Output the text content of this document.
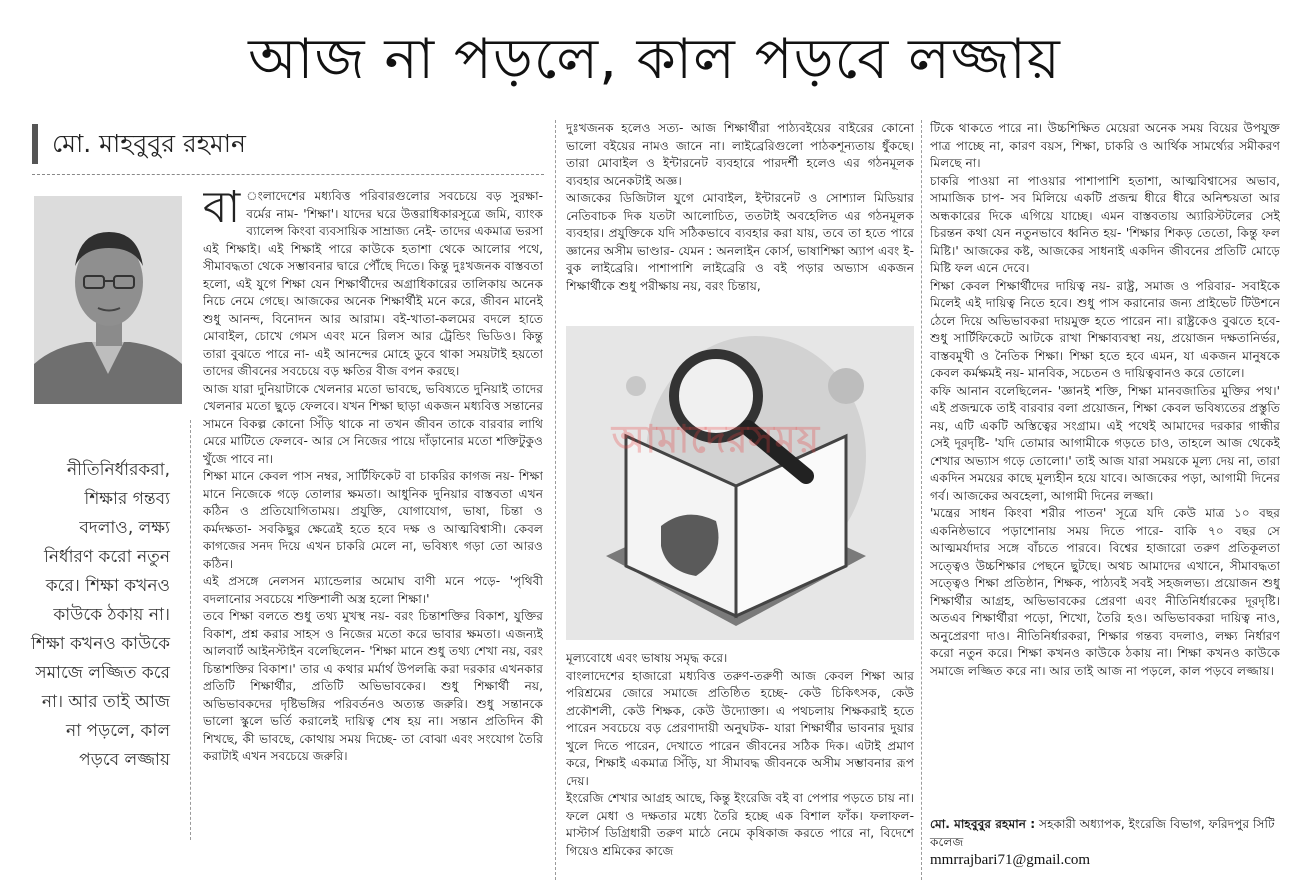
আজ না পড়লে, কাল পড়বে লজ্জায়
মো. মাহবুবুর রহমান
নীতিনির্ধারকরা, শিক্ষার গন্তব্য বদলাও, লক্ষ্য নির্ধারণ করো নতুন করে। শিক্ষা কখনও কাউকে ঠকায় না। শিক্ষা কখনও কাউকে সমাজে লজ্জিত করে না। আর তাই আজ না পড়লে, কাল পড়বে লজ্জায়

বা ংলাদেশের মধ্যবিত্ত পরিবারগুলোর সবচেয়ে বড় সুরক্ষা-বর্মের নাম- 'শিক্ষা'। যাদের ঘরে উত্তরাধিকারসূত্রে জমি, ব্যাংক ব্যালেন্স কিংবা ব্যবসায়িক সাম্রাজ্য নেই- তাদের একমাত্র ভরসা এই শিক্ষাই। এই শিক্ষাই পারে কাউকে হতাশা থেকে আলোর পথে, সীমাবদ্ধতা থেকে সম্ভাবনার দ্বারে পৌঁছে দিতে। কিন্তু দুঃখজনক বাস্তবতা হলো, এই যুগে শিক্ষা যেন শিক্ষার্থীদের অগ্রাধিকারের তালিকায় অনেক নিচে নেমে গেছে। আজকের অনেক শিক্ষার্থীই মনে করে, জীবন মানেই শুধু আনন্দ, বিনোদন আর আরাম। বই-খাতা-কলমের বদলে হাতে মোবাইল, চোখে গেমস এবং মনে রিলস আর ট্রেন্ডিং ভিডিও। কিন্তু তারা বুঝতে পারে না- এই আনন্দের মোহে ডুবে থাকা সময়টাই হয়তো তাদের জীবনের সবচেয়ে বড় ক্ষতির বীজ বপন করছে।

আজ যারা দুনিয়াটাকে খেলনার মতো ভাবছে, ভবিষ্যতে দুনিয়াই তাদের খেলনার মতো ছুড়ে ফেলবে। যখন শিক্ষা ছাড়া একজন মধ্যবিত্ত সন্তানের সামনে বিকল্প কোনো সিঁড়ি থাকে না তখন জীবন তাকে বারবার লাথি মেরে মাটিতে ফেলবে- আর সে নিজের পায়ে দাঁড়ানোর মতো শক্তিটুকুও খুঁজে পাবে না।

শিক্ষা মানে কেবল পাস নম্বর, সার্টিফিকেট বা চাকরির কাগজ নয়- শিক্ষা মানে নিজেকে গড়ে তোলার ক্ষমতা। আধুনিক দুনিয়ার বাস্তবতা এখন কঠিন ও প্রতিযোগিতাময়। প্রযুক্তি, যোগাযোগ, ভাষা, চিন্তা ও কর্মদক্ষতা- সবকিছুর ক্ষেত্রেই হতে হবে দক্ষ ও আত্মবিশ্বাসী। কেবল কাগজের সনদ দিয়ে এখন চাকরি মেলে না, ভবিষ্যৎ গড়া তো আরও কঠিন।

এই প্রসঙ্গে নেলসন ম্যান্ডেলার অমোঘ বাণী মনে পড়ে- 'পৃথিবী বদলানোর সবচেয়ে শক্তিশালী অস্ত্র হলো শিক্ষা।'

তবে শিক্ষা বলতে শুধু তথ্য মুখস্থ নয়- বরং চিন্তাশক্তির বিকাশ, যুক্তির বিকাশ, প্রশ্ন করার সাহস ও নিজের মতো করে ভাবার ক্ষমতা। এজন্যই আলবার্ট আইনস্টাইন বলেছিলেন- 'শিক্ষা মানে শুধু তথ্য শেখা নয়, বরং চিন্তাশক্তির বিকাশ।' তার এ কথার মর্মার্থ উপলব্ধি করা দরকার এখনকার প্রতিটি শিক্ষার্থীর, প্রতিটি অভিভাবকের। শুধু শিক্ষার্থী নয়, অভিভাবকদের দৃষ্টিভঙ্গির পরিবর্তনও অত্যন্ত জরুরি। শুধু সন্তানকে ভালো স্কুলে ভর্তি করালেই দায়িত্ব শেষ হয় না। সন্তান প্রতিদিন কী শিখছে, কী ভাবছে, কোথায় সময় দিচ্ছে- তা বোঝা এবং সংযোগ তৈরি করাটাই এখন সবচেয়ে জরুরি।

দুঃখজনক হলেও সত্য- আজ শিক্ষার্থীরা পাঠ্যবইয়ের বাইরের কোনো ভালো বইয়ের নামও জানে না। লাইব্রেরিগুলো পাঠকশূন্যতায় ধুঁকছে। তারা মোবাইল ও ইন্টারনেট ব্যবহারে পারদর্শী হলেও এর গঠনমূলক ব্যবহার অনেকটাই অজ্ঞ।

আজকের ডিজিটাল যুগে মোবাইল, ইন্টারনেট ও সোশ্যাল মিডিয়ার নেতিবাচক দিক যতটা আলোচিত, ততটাই অবহেলিত এর গঠনমূলক ব্যবহার। প্রযুক্তিকে যদি সঠিকভাবে ব্যবহার করা যায়, তবে তা হতে পারে জ্ঞানের অসীম ভাণ্ডার- যেমন : অনলাইন কোর্স, ভাষাশিক্ষা অ্যাপ এবং ই-বুক লাইব্রেরি। পাশাপাশি লাইব্রেরি ও বই পড়ার অভ্যাস একজন শিক্ষার্থীকে শুধু পরীক্ষায় নয়, বরং চিন্তায়,

আমাদেরসময়

মূল্যবোধে এবং ভাষায় সমৃদ্ধ করে।

বাংলাদেশের হাজারো মধ্যবিত্ত তরুণ-তরুণী আজ কেবল শিক্ষা আর পরিশ্রমের জোরে সমাজে প্রতিষ্ঠিত হচ্ছে- কেউ চিকিৎসক, কেউ প্রকৌশলী, কেউ শিক্ষক, কেউ উদ্যোক্তা। এ পথচলায় শিক্ষকরাই হতে পারেন সবচেয়ে বড় প্রেরণাদায়ী অনুঘটক- যারা শিক্ষার্থীর ভাবনার দুয়ার খুলে দিতে পারেন, দেখাতে পারেন জীবনের সঠিক দিক। এটাই প্রমাণ করে, শিক্ষাই একমাত্র সিঁড়ি, যা সীমাবদ্ধ জীবনকে অসীম সম্ভাবনার রূপ দেয়।

ইংরেজি শেখার আগ্রহ আছে, কিন্তু ইংরেজি বই বা পেপার পড়তে চায় না। ফলে মেধা ও দক্ষতার মধ্যে তৈরি হচ্ছে এক বিশাল ফাঁক। ফলাফল- মাস্টার্স ডিগ্রিধারী তরুণ মাঠে নেমে কৃষিকাজ করতে পারে না, বিদেশে গিয়েও শ্রমিকের কাজে

টিকে থাকতে পারে না। উচ্চশিক্ষিত মেয়েরা অনেক সময় বিয়ের উপযুক্ত পাত্র পাচ্ছে না, কারণ বয়স, শিক্ষা, চাকরি ও আর্থিক সামর্থ্যের সমীকরণ মিলছে না।

চাকরি পাওয়া না পাওয়ার পাশাপাশি হতাশা, আত্মবিশ্বাসের অভাব, সামাজিক চাপ- সব মিলিয়ে একটি প্রজন্ম ধীরে ধীরে অনিশ্চয়তা আর অন্ধকারের দিকে এগিয়ে যাচ্ছে। এমন বাস্তবতায় অ্যারিস্টটলের সেই চিরন্তন কথা যেন নতুনভাবে ধ্বনিত হয়- 'শিক্ষার শিকড় তেতো, কিন্তু ফল মিষ্টি।' আজকের কষ্ট, আজকের সাধনাই একদিন জীবনের প্রতিটি মোড়ে মিষ্টি ফল এনে দেবে।

শিক্ষা কেবল শিক্ষার্থীদের দায়িত্ব নয়- রাষ্ট্র, সমাজ ও পরিবার- সবাইকে মিলেই এই দায়িত্ব নিতে হবে। শুধু পাস করানোর জন্য প্রাইভেট টিউশনে ঠেলে দিয়ে অভিভাবকরা দায়মুক্ত হতে পারেন না। রাষ্ট্রকেও বুঝতে হবে- শুধু সার্টিফিকেটে আটকে রাখা শিক্ষাব্যবস্থা নয়, প্রয়োজন দক্ষতানির্ভর, বাস্তবমুখী ও নৈতিক শিক্ষা। শিক্ষা হতে হবে এমন, যা একজন মানুষকে কেবল কর্মক্ষমই নয়- মানবিক, সচেতন ও দায়িত্ববানও করে তোলে।

কফি আনান বলেছিলেন- 'জ্ঞানই শক্তি, শিক্ষা মানবজাতির মুক্তির পথ।' এই প্রজন্মকে তাই বারবার বলা প্রয়োজন, শিক্ষা কেবল ভবিষ্যতের প্রস্তুতি নয়, এটি একটি অস্তিত্বের সংগ্রাম। এই পথেই আমাদের দরকার গান্ধীর সেই দূরদৃষ্টি- 'যদি তোমার আগামীকে গড়তে চাও, তাহলে আজ থেকেই শেখার অভ্যাস গড়ে তোলো।' তাই আজ যারা সময়কে মূল্য দেয় না, তারা একদিন সময়ের কাছে মূল্যহীন হয়ে যাবে। আজকের পড়া, আগামী দিনের গর্ব। আজকের অবহেলা, আগামী দিনের লজ্জা।

'মন্ত্রের সাধন কিংবা শরীর পাতন' সূত্রে যদি কেউ মাত্র ১০ বছর একনিষ্ঠভাবে পড়াশোনায় সময় দিতে পারে- বাকি ৭০ বছর সে আত্মমর্যাদার সঙ্গে বাঁচতে পারবে। বিশ্বের হাজারো তরুণ প্রতিকূলতা সত্ত্বেও উচ্চশিক্ষার পেছনে ছুটছে। অথচ আমাদের এখানে, সীমাবদ্ধতা সত্ত্বেও শিক্ষা প্রতিষ্ঠান, শিক্ষক, পাঠ্যবই সবই সহজলভ্য। প্রয়োজন শুধু শিক্ষার্থীর আগ্রহ, অভিভাবকের প্রেরণা এবং নীতিনির্ধারকের দূরদৃষ্টি। অতএব শিক্ষার্থীরা পড়ো, শিখো, তৈরি হও। অভিভাবকরা দায়িত্ব নাও, অনুপ্রেরণা দাও। নীতিনির্ধারকরা, শিক্ষার গন্তব্য বদলাও, লক্ষ্য নির্ধারণ করো নতুন করে। শিক্ষা কখনও কাউকে ঠকায় না। শিক্ষা কখনও কাউকে সমাজে লজ্জিত করে না। আর তাই আজ না পড়লে, কাল পড়বে লজ্জায়।

মো. মাহবুবুর রহমান : সহকারী অধ্যাপক, ইংরেজি বিভাগ, ফরিদপুর সিটি কলেজ
mmrrajbari71@gmail.com
